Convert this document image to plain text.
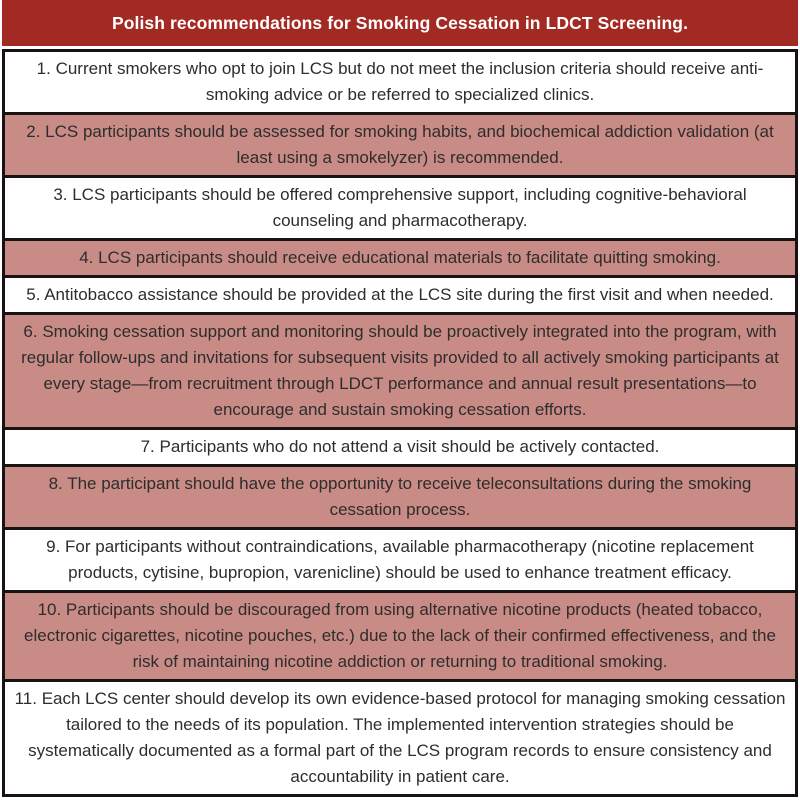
Polish recommendations for Smoking Cessation in LDCT Screening.
1. Current smokers who opt to join LCS but do not meet the inclusion criteria should receive anti-smoking advice or be referred to specialized clinics.
2. LCS participants should be assessed for smoking habits, and biochemical addiction validation (at least using a smokelyzer) is recommended.
3. LCS participants should be offered comprehensive support, including cognitive-behavioral counseling and pharmacotherapy.
4. LCS participants should receive educational materials to facilitate quitting smoking.
5. Antitobacco assistance should be provided at the LCS site during the first visit and when needed.
6. Smoking cessation support and monitoring should be proactively integrated into the program, with regular follow-ups and invitations for subsequent visits provided to all actively smoking participants at every stage—from recruitment through LDCT performance and annual result presentations—to encourage and sustain smoking cessation efforts.
7. Participants who do not attend a visit should be actively contacted.
8. The participant should have the opportunity to receive teleconsultations during the smoking cessation process.
9. For participants without contraindications, available pharmacotherapy (nicotine replacement products, cytisine, bupropion, varenicline) should be used to enhance treatment efficacy.
10. Participants should be discouraged from using alternative nicotine products (heated tobacco, electronic cigarettes, nicotine pouches, etc.) due to the lack of their confirmed effectiveness, and the risk of maintaining nicotine addiction or returning to traditional smoking.
11. Each LCS center should develop its own evidence-based protocol for managing smoking cessation tailored to the needs of its population. The implemented intervention strategies should be systematically documented as a formal part of the LCS program records to ensure consistency and accountability in patient care.
